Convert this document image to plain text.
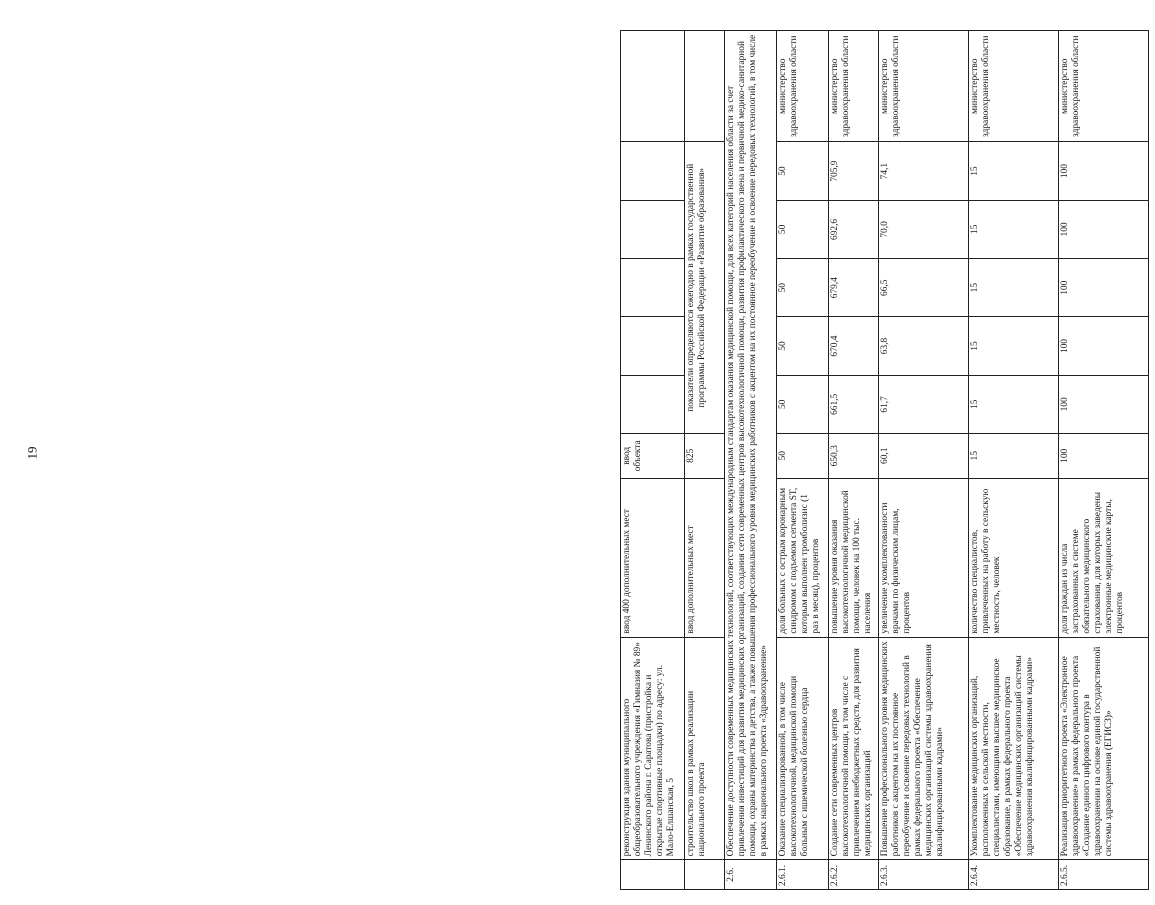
19
	реконструкция здания муниципального общеобразовательного учреждения «Гимназия № 89» Ленинского района г. Саратова (пристройка и открытые спортивные площадки) по адресу: ул. Мало-Елшанская, 5	ввод 400 дополнительных мест	ввод объекта						
	строительство школ в рамках реализации национального проекта	ввод дополнительных мест	825	показатели определяются ежегодно в рамках государственной программы Российской Федерации «Развитие образования»					
2.6.	Обеспечение доступности современных медицинских технологий, соответствующих международным стандартам оказания медицинской помощи, для всех категорий населения области за счет привлечения инвестиций для развития медицинских организаций, создания сети современных центров высокотехнологичной помощи, развития профилактического звена и первичной медико-санитарной помощи, охраны материнства и детства, а также повышения профессионального уровня медицинских работников с акцентом на их постоянное переобучение и освоение передовых технологий, в том числе в рамках национального проекта «Здравоохранение»								
2.6.1.	Оказание специализированной, в том числе высокотехнологичной, медицинской помощи больным с ишемической болезнью сердца	доля больных с острым коронарным синдромом с подъемом сегмента ST, которым выполнен тромболизис (1 раз в месяц), процентов	50	50	50	50	50	50	министерство здравоохранения области
2.6.2.	Создание сети современных центров высокотехнологичной помощи, в том числе с привлечением внебюджетных средств, для развития медицинских организаций	повышение уровня оказания высокотехнологичной медицинской помощи, человек на 100 тыс. населения	650,3	661,5	670,4	679,4	692,6	705,9	министерство здравоохранения области
2.6.3.	Повышение профессионального уровня медицинских работников с акцентом на их постоянное переобучение и освоение передовых технологий в рамках федерального проекта «Обеспечение медицинских организаций системы здравоохранения квалифицированными кадрами»	увеличение укомплектованности врачами по физическим лицам, процентов	60,1	61,7	63,8	66,5	70,0	74,1	министерство здравоохранения области
2.6.4.	Укомплектование медицинских организаций, расположенных в сельской местности, специалистами, имеющими высшее медицинское образование, в рамках федерального проекта «Обеспечение медицинских организаций системы здравоохранения квалифицированными кадрами»	количество специалистов, привлеченных на работу в сельскую местность, человек	15	15	15	15	15	15	министерство здравоохранения области
2.6.5.	Реализация приоритетного проекта «Электронное здравоохранение» в рамках федерального проекта «Создание единого цифрового контура в здравоохранении на основе единой государственной системы здравоохранения (ЕГИСЗ)»	доля граждан из числа застрахованных в системе обязательного медицинского страхования, для которых заведены электронные медицинские карты, процентов	100	100	100	100	100	100	министерство здравоохранения области
